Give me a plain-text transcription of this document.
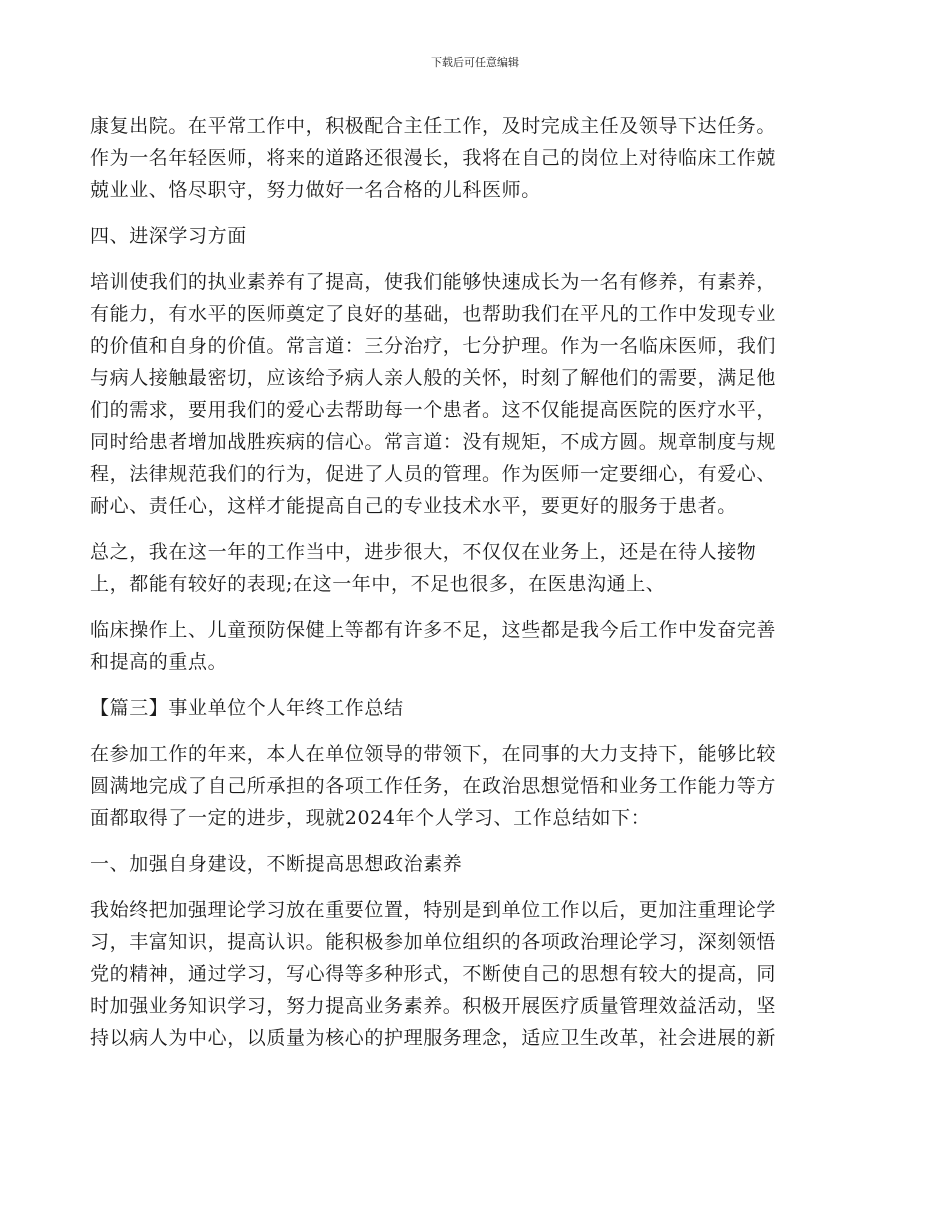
下载后可任意编辑

康复出院。在平常工作中，积极配合主任工作，及时完成主任及领导下达任务。
作为一名年轻医师，将来的道路还很漫长，我将在自己的岗位上对待临床工作兢
兢业业、恪尽职守，努力做好一名合格的儿科医师。

四、进深学习方面

培训使我们的执业素养有了提高，使我们能够快速成长为一名有修养，有素养，
有能力，有水平的医师奠定了良好的基础，也帮助我们在平凡的工作中发现专业
的价值和自身的价值。常言道：三分治疗，七分护理。作为一名临床医师，我们
与病人接触最密切，应该给予病人亲人般的关怀，时刻了解他们的需要，满足他
们的需求，要用我们的爱心去帮助每一个患者。这不仅能提高医院的医疗水平，
同时给患者增加战胜疾病的信心。常言道：没有规矩，不成方圆。规章制度与规
程，法律规范我们的行为，促进了人员的管理。作为医师一定要细心，有爱心、
耐心、责任心，这样才能提高自己的专业技术水平，要更好的服务于患者。

总之，我在这一年的工作当中，进步很大，不仅仅在业务上，还是在待人接物
上，都能有较好的表现;在这一年中，不足也很多，在医患沟通上、

临床操作上、儿童预防保健上等都有许多不足，这些都是我今后工作中发奋完善
和提高的重点。

【篇三】事业单位个人年终工作总结

在参加工作的年来，本人在单位领导的带领下，在同事的大力支持下，能够比较
圆满地完成了自己所承担的各项工作任务，在政治思想觉悟和业务工作能力等方
面都取得了一定的进步，现就2024年个人学习、工作总结如下：

一、加强自身建设，不断提高思想政治素养

我始终把加强理论学习放在重要位置，特别是到单位工作以后，更加注重理论学
习，丰富知识，提高认识。能积极参加单位组织的各项政治理论学习，深刻领悟
党的精神，通过学习，写心得等多种形式，不断使自己的思想有较大的提高，同
时加强业务知识学习，努力提高业务素养。积极开展医疗质量管理效益活动，坚
持以病人为中心，以质量为核心的护理服务理念，适应卫生改革，社会进展的新
